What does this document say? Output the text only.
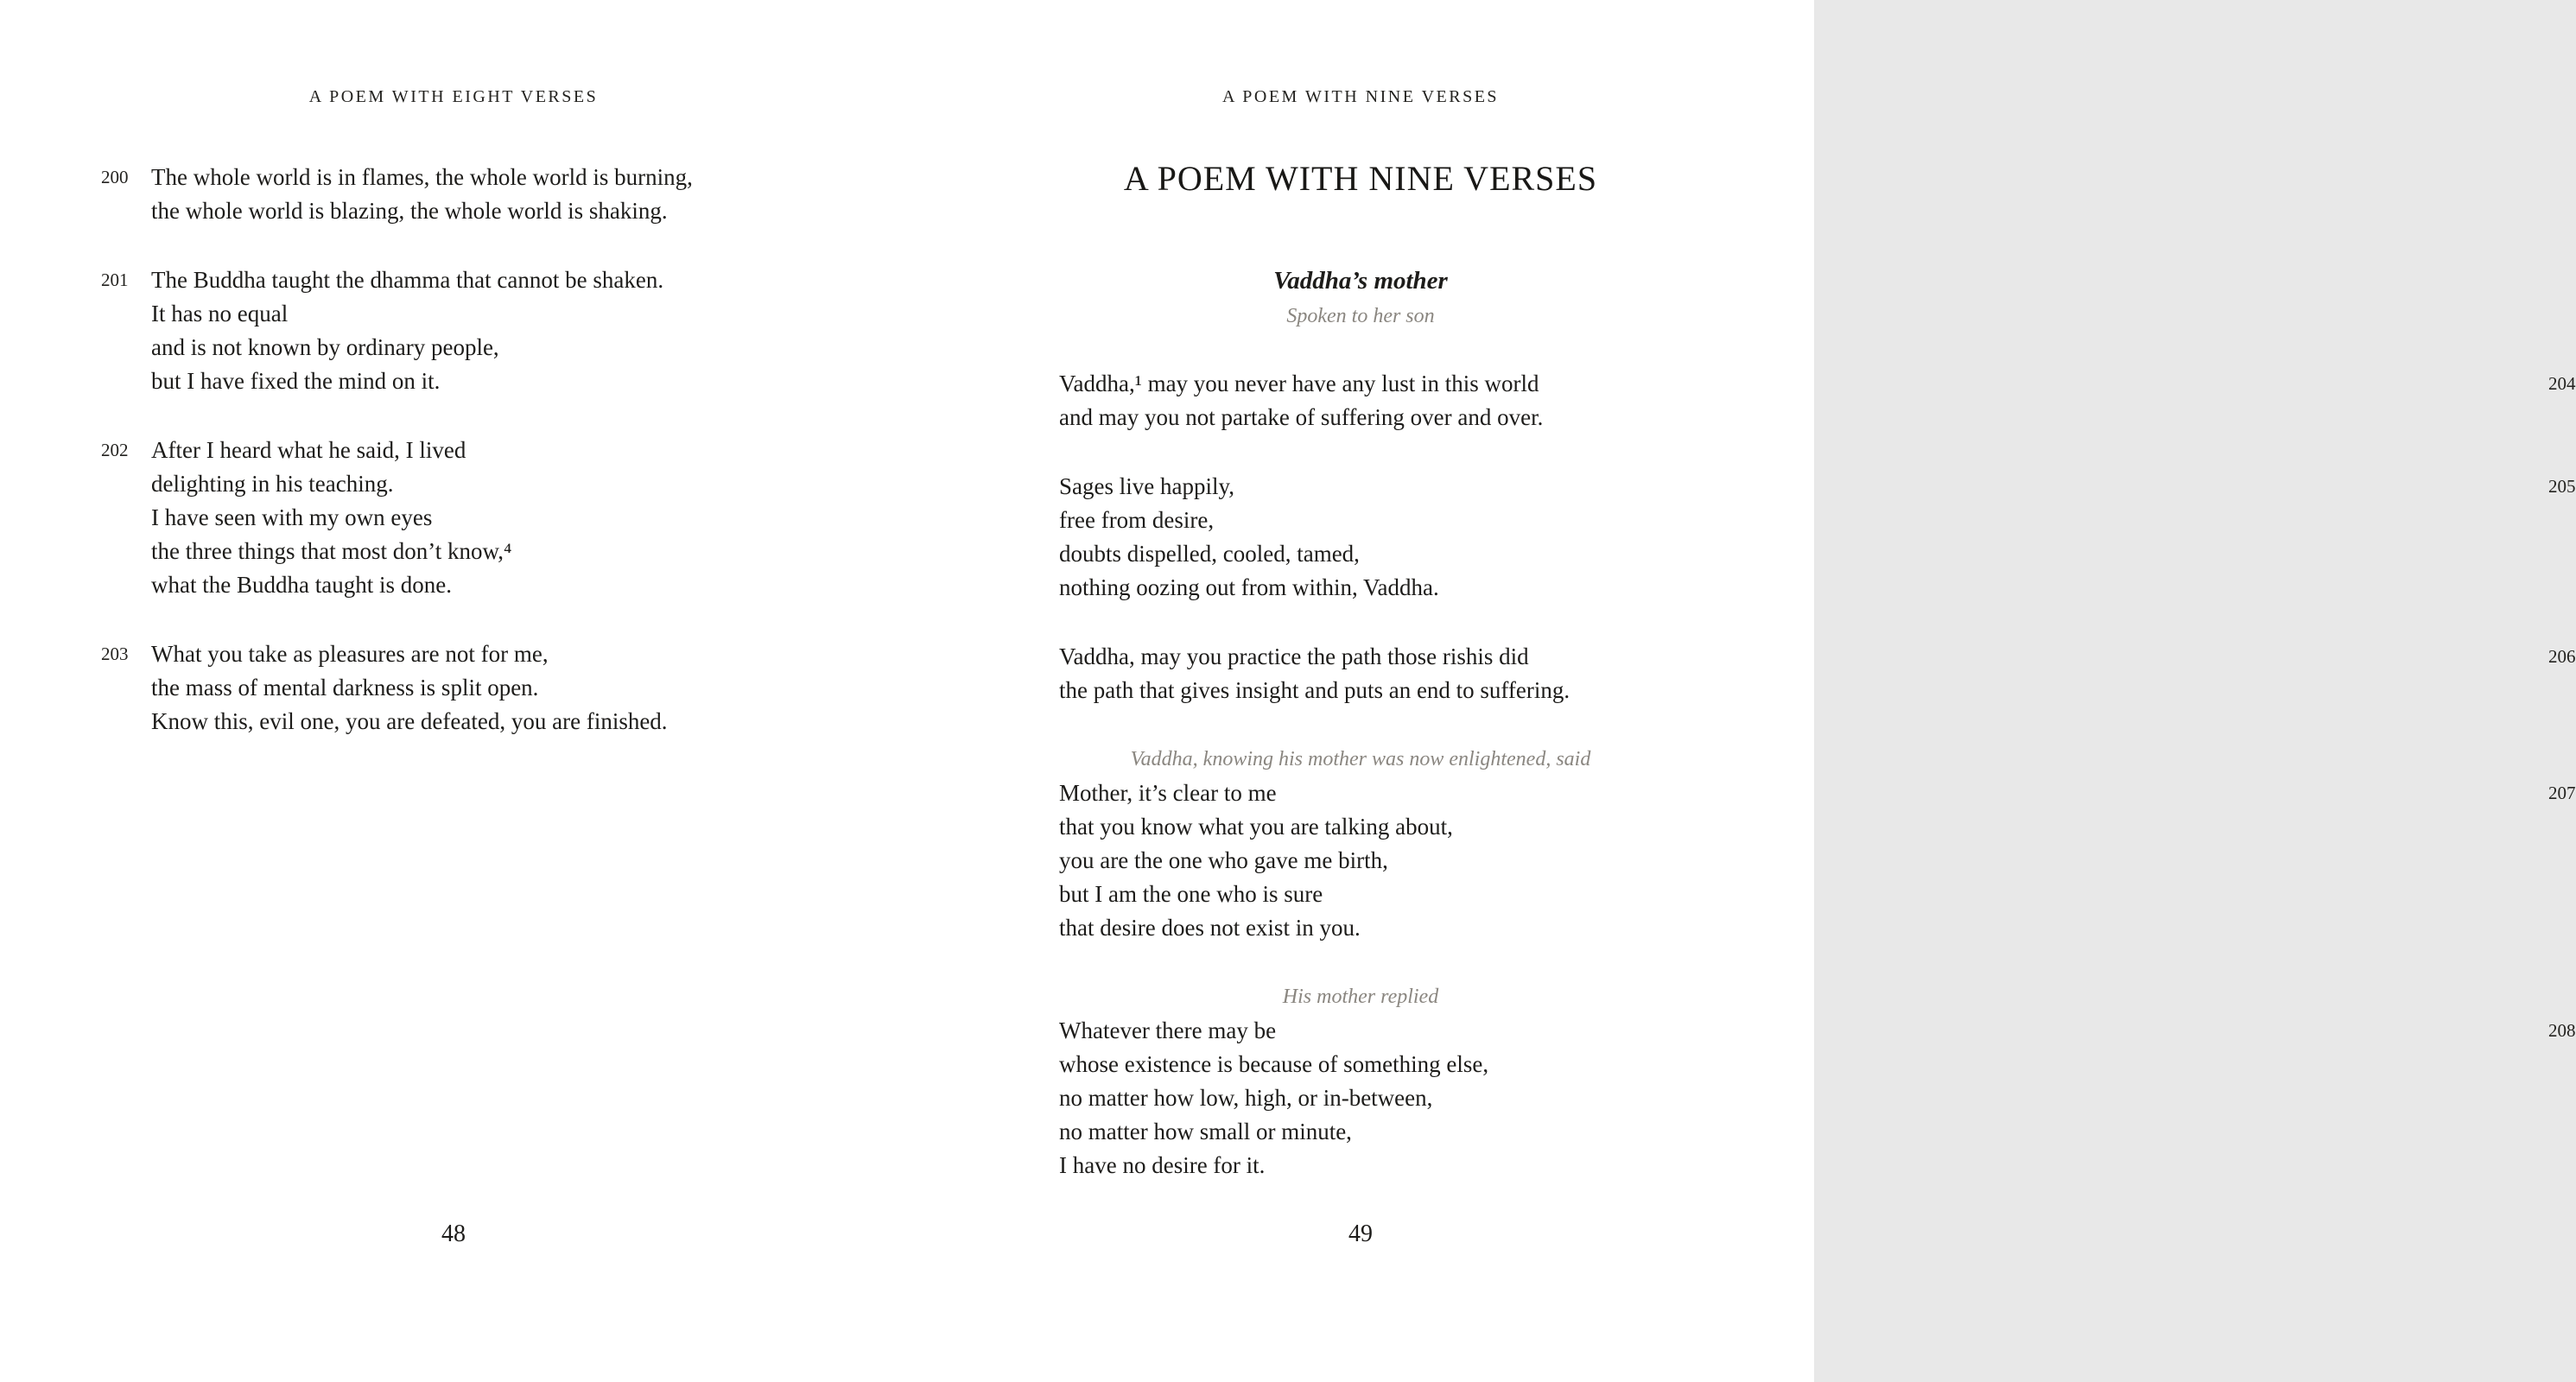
A POEM WITH EIGHT VERSES
200 The whole world is in flames, the whole world is burning,
the whole world is blazing, the whole world is shaking.
201 The Buddha taught the dhamma that cannot be shaken.
It has no equal
and is not known by ordinary people,
but I have fixed the mind on it.
202 After I heard what he said, I lived
delighting in his teaching.
I have seen with my own eyes
the three things that most don’t know,⁴
what the Buddha taught is done.
203 What you take as pleasures are not for me,
the mass of mental darkness is split open.
Know this, evil one, you are defeated, you are finished.
48
A POEM WITH NINE VERSES
A POEM WITH NINE VERSES
Vaddha’s mother
Spoken to her son
204
Vaddha,¹ may you never have any lust in this world
and may you not partake of suffering over and over.
205
Sages live happily,
free from desire,
doubts dispelled, cooled, tamed,
nothing oozing out from within, Vaddha.
206
Vaddha, may you practice the path those rishis did
the path that gives insight and puts an end to suffering.
Vaddha, knowing his mother was now enlightened, said
207
Mother, it’s clear to me
that you know what you are talking about,
you are the one who gave me birth,
but I am the one who is sure
that desire does not exist in you.
His mother replied
208
Whatever there may be
whose existence is because of something else,
no matter how low, high, or in-between,
no matter how small or minute,
I have no desire for it.
49
